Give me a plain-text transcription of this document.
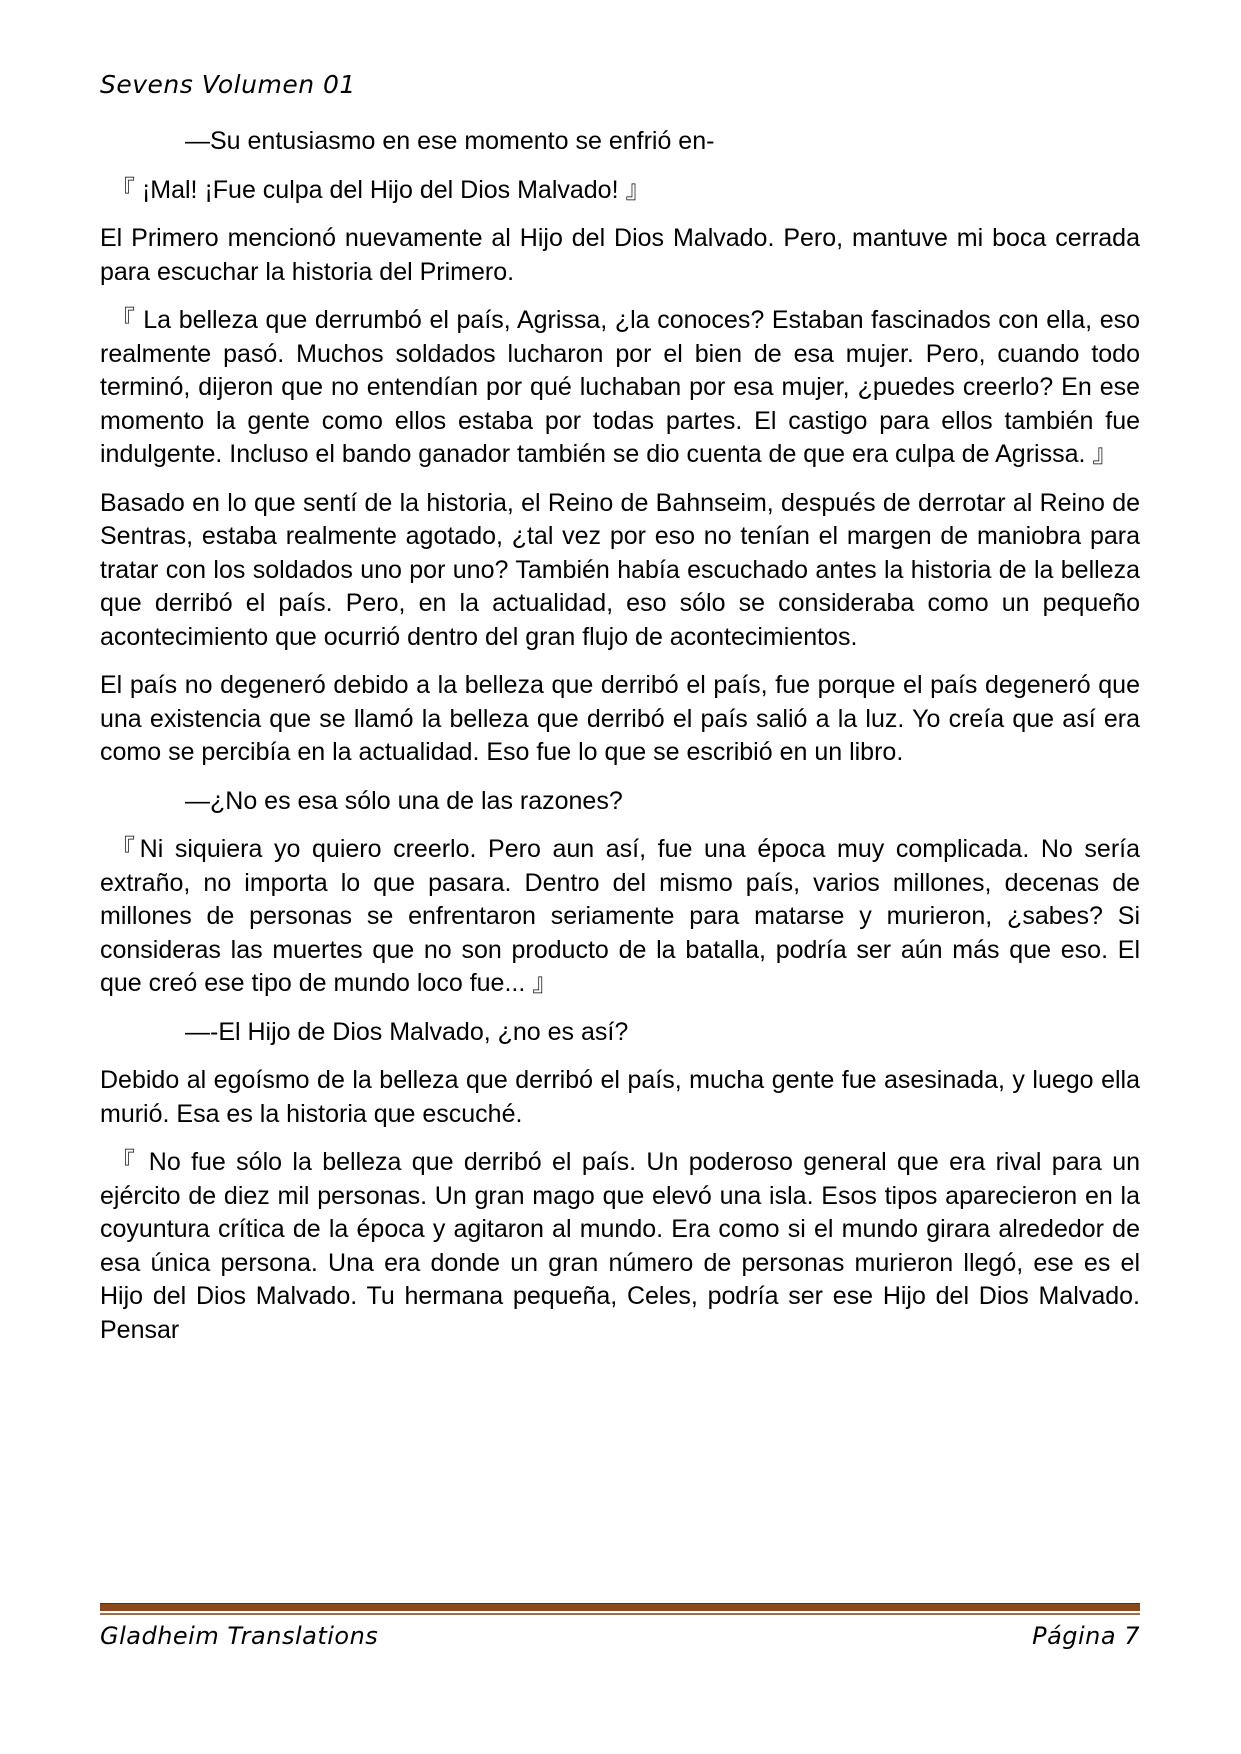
Sevens Volumen 01

—Su entusiasmo en ese momento se enfrió en-

『 ¡Mal! ¡Fue culpa del Hijo del Dios Malvado! 』

El Primero mencionó nuevamente al Hijo del Dios Malvado. Pero, mantuve mi boca cerrada para escuchar la historia del Primero.

『 La belleza que derrumbó el país, Agrissa, ¿la conoces? Estaban fascinados con ella, eso realmente pasó. Muchos soldados lucharon por el bien de esa mujer. Pero, cuando todo terminó, dijeron que no entendían por qué luchaban por esa mujer, ¿puedes creerlo? En ese momento la gente como ellos estaba por todas partes. El castigo para ellos también fue indulgente. Incluso el bando ganador también se dio cuenta de que era culpa de Agrissa. 』

Basado en lo que sentí de la historia, el Reino de Bahnseim, después de derrotar al Reino de Sentras, estaba realmente agotado, ¿tal vez por eso no tenían el margen de maniobra para tratar con los soldados uno por uno? También había escuchado antes la historia de la belleza que derribó el país. Pero, en la actualidad, eso sólo se consideraba como un pequeño acontecimiento que ocurrió dentro del gran flujo de acontecimientos.

El país no degeneró debido a la belleza que derribó el país, fue porque el país degeneró que una existencia que se llamó la belleza que derribó el país salió a la luz. Yo creía que así era como se percibía en la actualidad. Eso fue lo que se escribió en un libro.

—¿No es esa sólo una de las razones?

『Ni siquiera yo quiero creerlo. Pero aun así, fue una época muy complicada. No sería extraño, no importa lo que pasara. Dentro del mismo país, varios millones, decenas de millones de personas se enfrentaron seriamente para matarse y murieron, ¿sabes? Si consideras las muertes que no son producto de la batalla, podría ser aún más que eso. El que creó ese tipo de mundo loco fue... 』

—-El Hijo de Dios Malvado, ¿no es así?

Debido al egoísmo de la belleza que derribó el país, mucha gente fue asesinada, y luego ella murió. Esa es la historia que escuché.

『 No fue sólo la belleza que derribó el país. Un poderoso general que era rival para un ejército de diez mil personas. Un gran mago que elevó una isla. Esos tipos aparecieron en la coyuntura crítica de la época y agitaron al mundo. Era como si el mundo girara alrededor de esa única persona. Una era donde un gran número de personas murieron llegó, ese es el Hijo del Dios Malvado. Tu hermana pequeña, Celes, podría ser ese Hijo del Dios Malvado. Pensar

Gladheim Translations	Página 7
